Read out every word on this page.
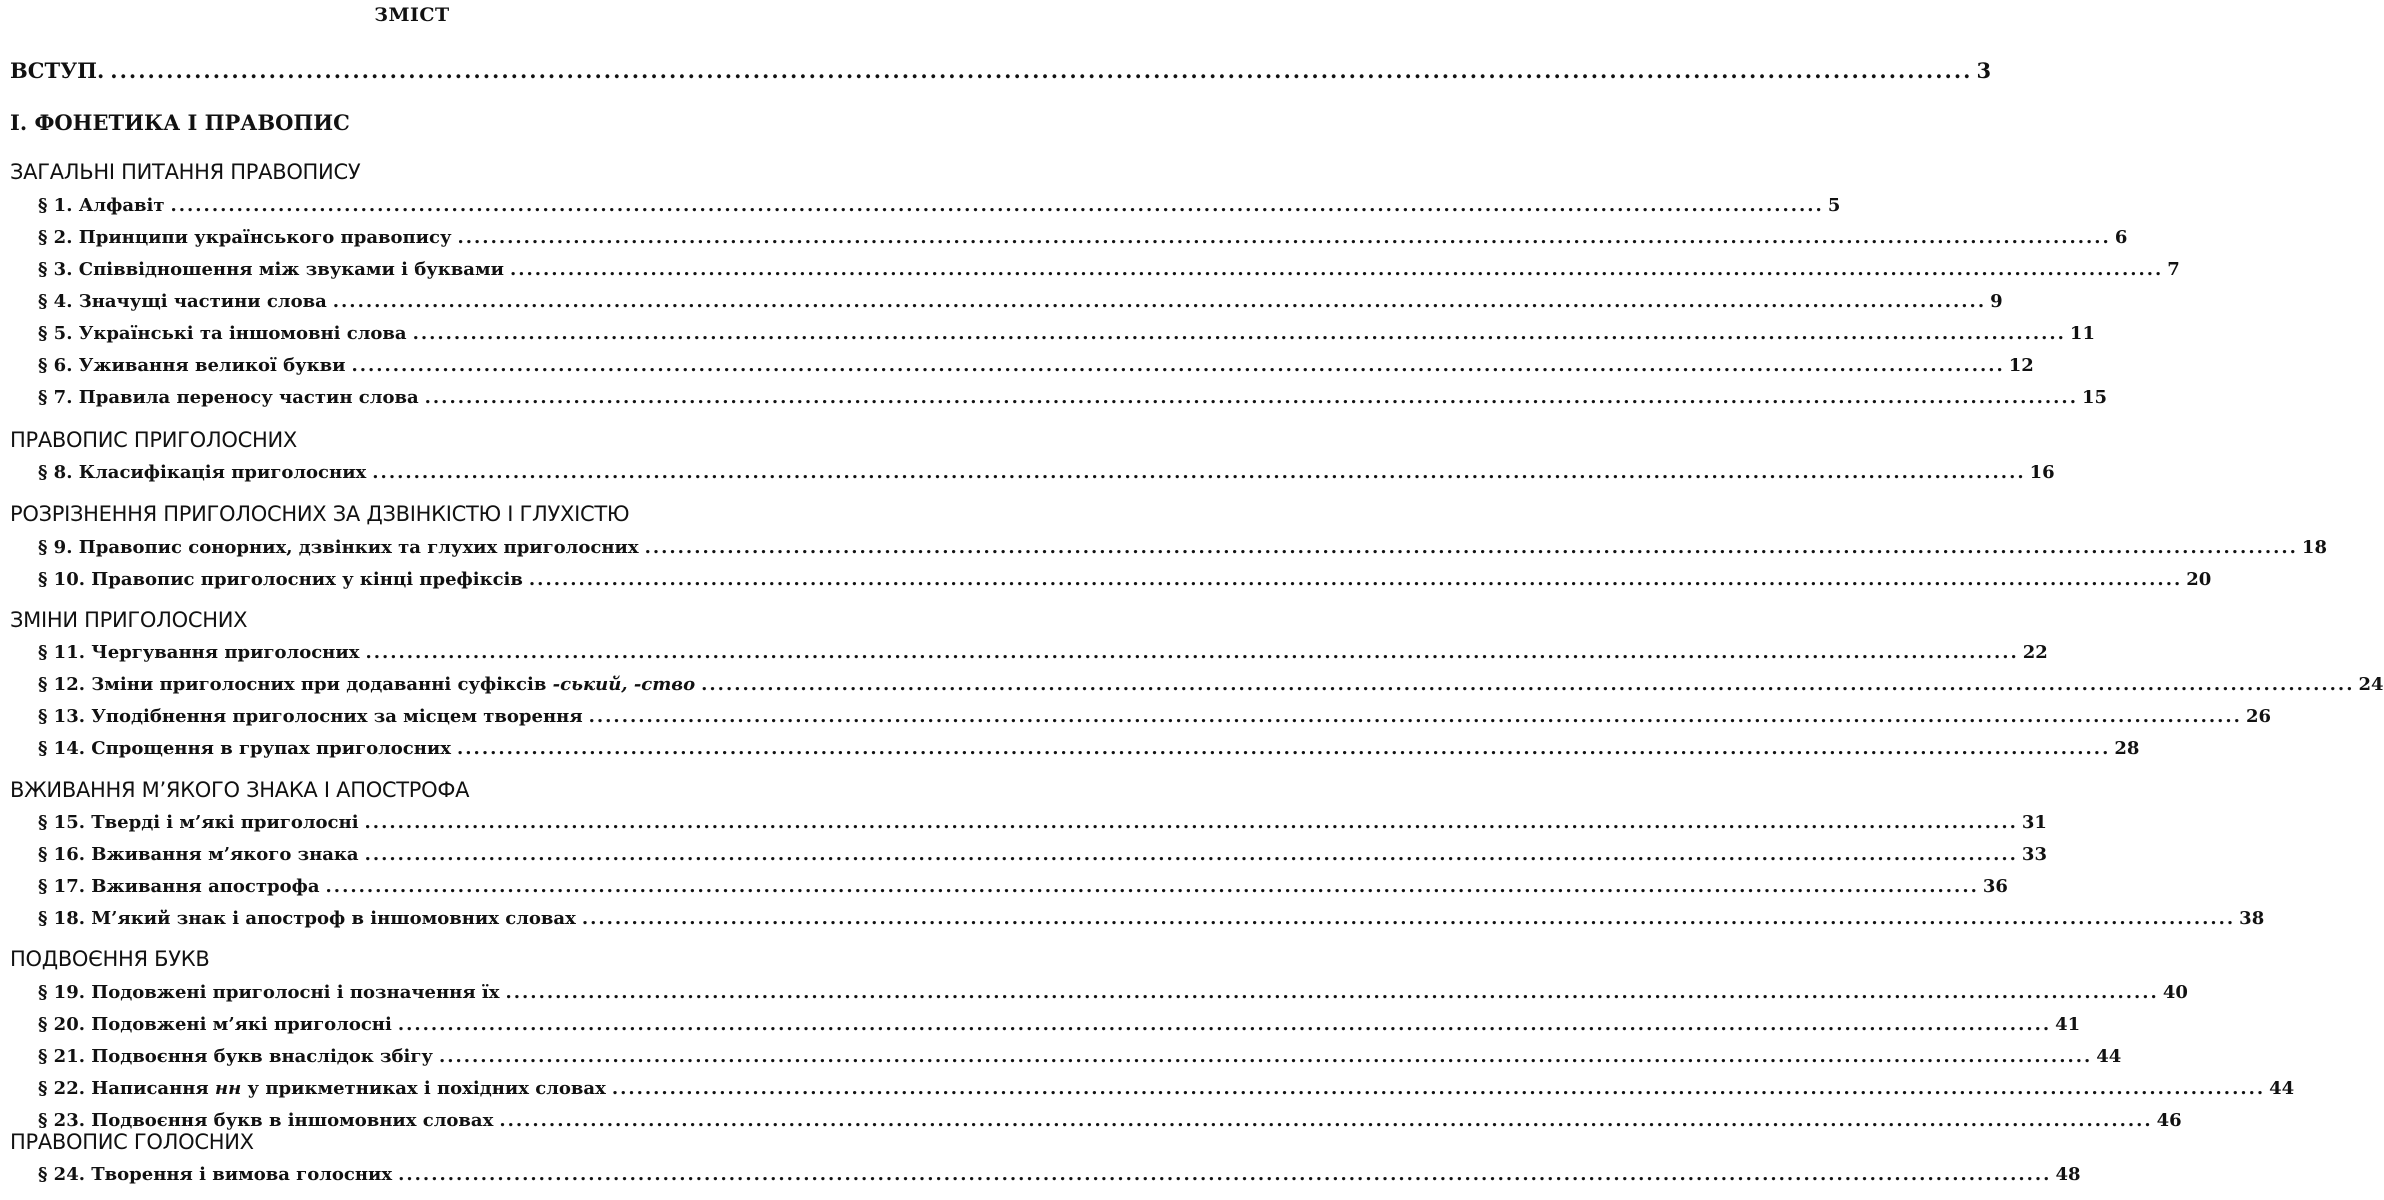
ЗМІСТ
ВСТУП. ........................................................................................................................................................................................................ 3
І. ФОНЕТИКА І ПРАВОПИС
ЗАГАЛЬНІ ПИТАННЯ ПРАВОПИСУ
§ 1. Алфавіт ........................................................................................................................................................................................................ 5
§ 2. Принципи українського правопису ........................................................................................................................................................................................................ 6
§ 3. Співвідношення між звуками і буквами ........................................................................................................................................................................................................ 7
§ 4. Значущі частини слова ........................................................................................................................................................................................................ 9
§ 5. Українські та іншомовні слова ........................................................................................................................................................................................................ 11
§ 6. Уживання великої букви ........................................................................................................................................................................................................ 12
§ 7. Правила переносу частин слова ........................................................................................................................................................................................................ 15
ПРАВОПИС ПРИГОЛОСНИХ
§ 8. Класифікація приголосних ........................................................................................................................................................................................................ 16
РОЗРІЗНЕННЯ ПРИГОЛОСНИХ ЗА ДЗВІНКІСТЮ І ГЛУХІСТЮ
§ 9. Правопис сонорних, дзвінких та глухих приголосних ........................................................................................................................................................................................................ 18
§ 10. Правопис приголосних у кінці префіксів ........................................................................................................................................................................................................ 20
ЗМІНИ ПРИГОЛОСНИХ
§ 11. Чергування приголосних ........................................................................................................................................................................................................ 22
§ 12. Зміни приголосних при додаванні суфіксів -ський, -ство ........................................................................................................................................................................................................ 24
§ 13. Уподібнення приголосних за місцем творення ........................................................................................................................................................................................................ 26
§ 14. Спрощення в групах приголосних ........................................................................................................................................................................................................ 28
ВЖИВАННЯ М’ЯКОГО ЗНАКА І АПОСТРОФА
§ 15. Тверді і м’які приголосні ........................................................................................................................................................................................................ 31
§ 16. Вживання м’якого знака ........................................................................................................................................................................................................ 33
§ 17. Вживання апострофа ........................................................................................................................................................................................................ 36
§ 18. М’який знак і апостроф в іншомовних словах ........................................................................................................................................................................................................ 38
ПОДВОЄННЯ БУКВ
§ 19. Подовжені приголосні і позначення їх ........................................................................................................................................................................................................ 40
§ 20. Подовжені м’які приголосні ........................................................................................................................................................................................................ 41
§ 21. Подвоєння букв внаслідок збігу ........................................................................................................................................................................................................ 44
§ 22. Написання нн у прикметниках і похідних словах ........................................................................................................................................................................................................ 44
§ 23. Подвоєння букв в іншомовних словах ........................................................................................................................................................................................................ 46
ПРАВОПИС ГОЛОСНИХ
§ 24. Творення і вимова голосних ........................................................................................................................................................................................................ 48
